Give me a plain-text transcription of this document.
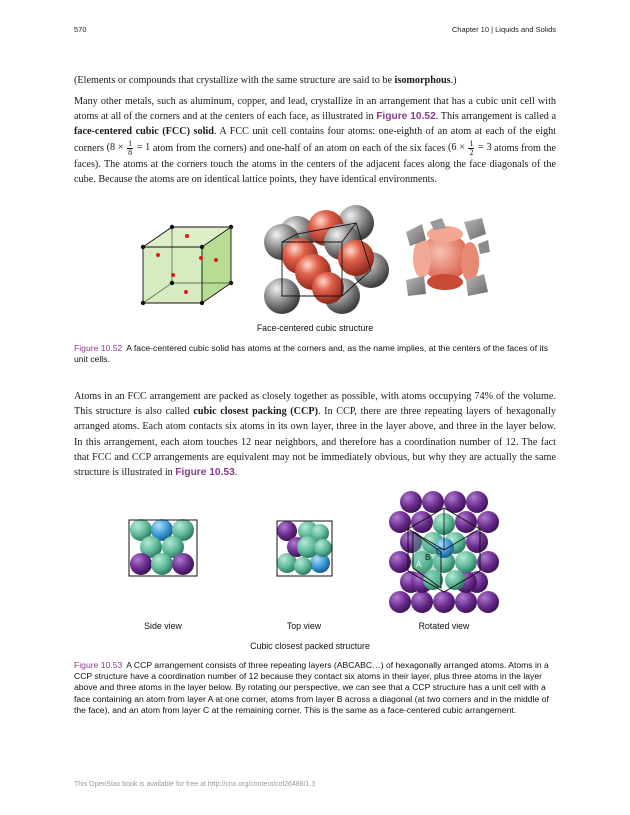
570	Chapter 10 | Liquids and Solids

(Elements or compounds that crystallize with the same structure are said to be isomorphous.)

Many other metals, such as aluminum, copper, and lead, crystallize in an arrangement that has a cubic unit cell with atoms at all of the corners and at the centers of each face, as illustrated in Figure 10.52. This arrangement is called a face-centered cubic (FCC) solid. A FCC unit cell contains four atoms: one-eighth of an atom at each of the eight corners ($8 \times \frac{1}{8} = 1$ atom from the corners) and one-half of an atom on each of the six faces ($6 \times \frac{1}{2} = 3$ atoms from the faces). The atoms at the corners touch the atoms in the centers of the adjacent faces along the face diagonals of the cube. Because the atoms are on identical lattice points, they have identical environments.

Face-centered cubic structure
Figure 10.52 A face-centered cubic solid has atoms at the corners and, as the name implies, at the centers of the faces of its unit cells.

Atoms in an FCC arrangement are packed as closely together as possible, with atoms occupying 74% of the volume. This structure is also called cubic closest packing (CCP). In CCP, there are three repeating layers of hexagonally arranged atoms. Each atom contacts six atoms in its own layer, three in the layer above, and three in the layer below. In this arrangement, each atom touches 12 near neighbors, and therefore has a coordination number of 12. The fact that FCC and CCP arrangements are equivalent may not be immediately obvious, but why they are actually the same structure is illustrated in Figure 10.53.

A
B
C
Side view	Top view	Rotated view
Cubic closest packed structure
Figure 10.53 A CCP arrangement consists of three repeating layers (ABCABC…) of hexagonally arranged atoms. Atoms in a CCP structure have a coordination number of 12 because they contact six atoms in their layer, plus three atoms in the layer above and three atoms in the layer below. By rotating our perspective, we can see that a CCP structure has a unit cell with a face containing an atom from layer A at one corner, atoms from layer B across a diagonal (at two corners and in the middle of the face), and an atom from layer C at the remaining corner. This is the same as a face-centered cubic arrangement.
This OpenStax book is available for free at http://cnx.org/content/col26488/1.3
